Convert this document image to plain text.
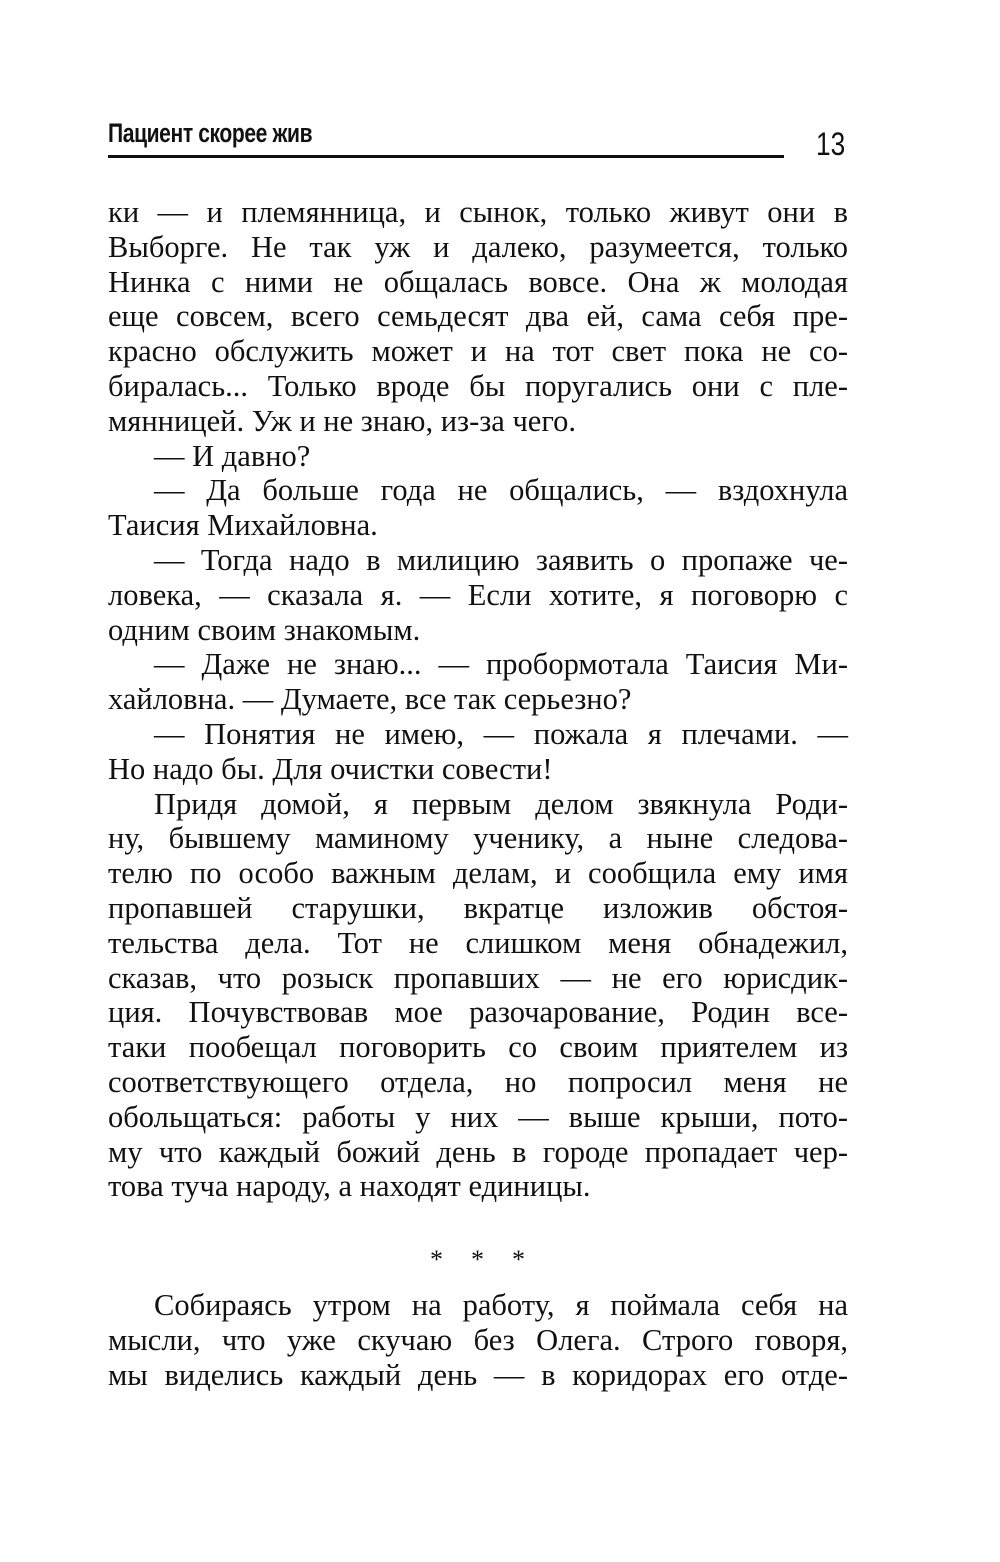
Пациент скорее жив	13

ки — и племянница, и сынок, только живут они в

Выборге. Не так уж и далеко, разумеется, только

Нинка с ними не общалась вовсе. Она ж молодая

еще совсем, всего семьдесят два ей, сама себя пре-

красно обслужить может и на тот свет пока не со-

биралась... Только вроде бы поругались они с пле-

мянницей. Уж и не знаю, из-за чего.

— И давно?

— Да больше года не общались, — вздохнула

Таисия Михайловна.

— Тогда надо в милицию заявить о пропаже че-

ловека, — сказала я. — Если хотите, я поговорю с

одним своим знакомым.

— Даже не знаю... — пробормотала Таисия Ми-

хайловна. — Думаете, все так серьезно?

— Понятия не имею, — пожала я плечами. —

Но надо бы. Для очистки совести!

Придя домой, я первым делом звякнула Роди-

ну, бывшему маминому ученику, а ныне следова-

телю по особо важным делам, и сообщила ему имя

пропавшей старушки, вкратце изложив обстоя-

тельства дела. Тот не слишком меня обнадежил,

сказав, что розыск пропавших — не его юрисдик-

ция. Почувствовав мое разочарование, Родин все-

таки пообещал поговорить со своим приятелем из

соответствующего отдела, но попросил меня не

обольщаться: работы у них — выше крыши, пото-

му что каждый божий день в городе пропадает чер-

това туча народу, а находят единицы.

* * *

Собираясь утром на работу, я поймала себя на

мысли, что уже скучаю без Олега. Строго говоря,

мы виделись каждый день — в коридорах его отде-
